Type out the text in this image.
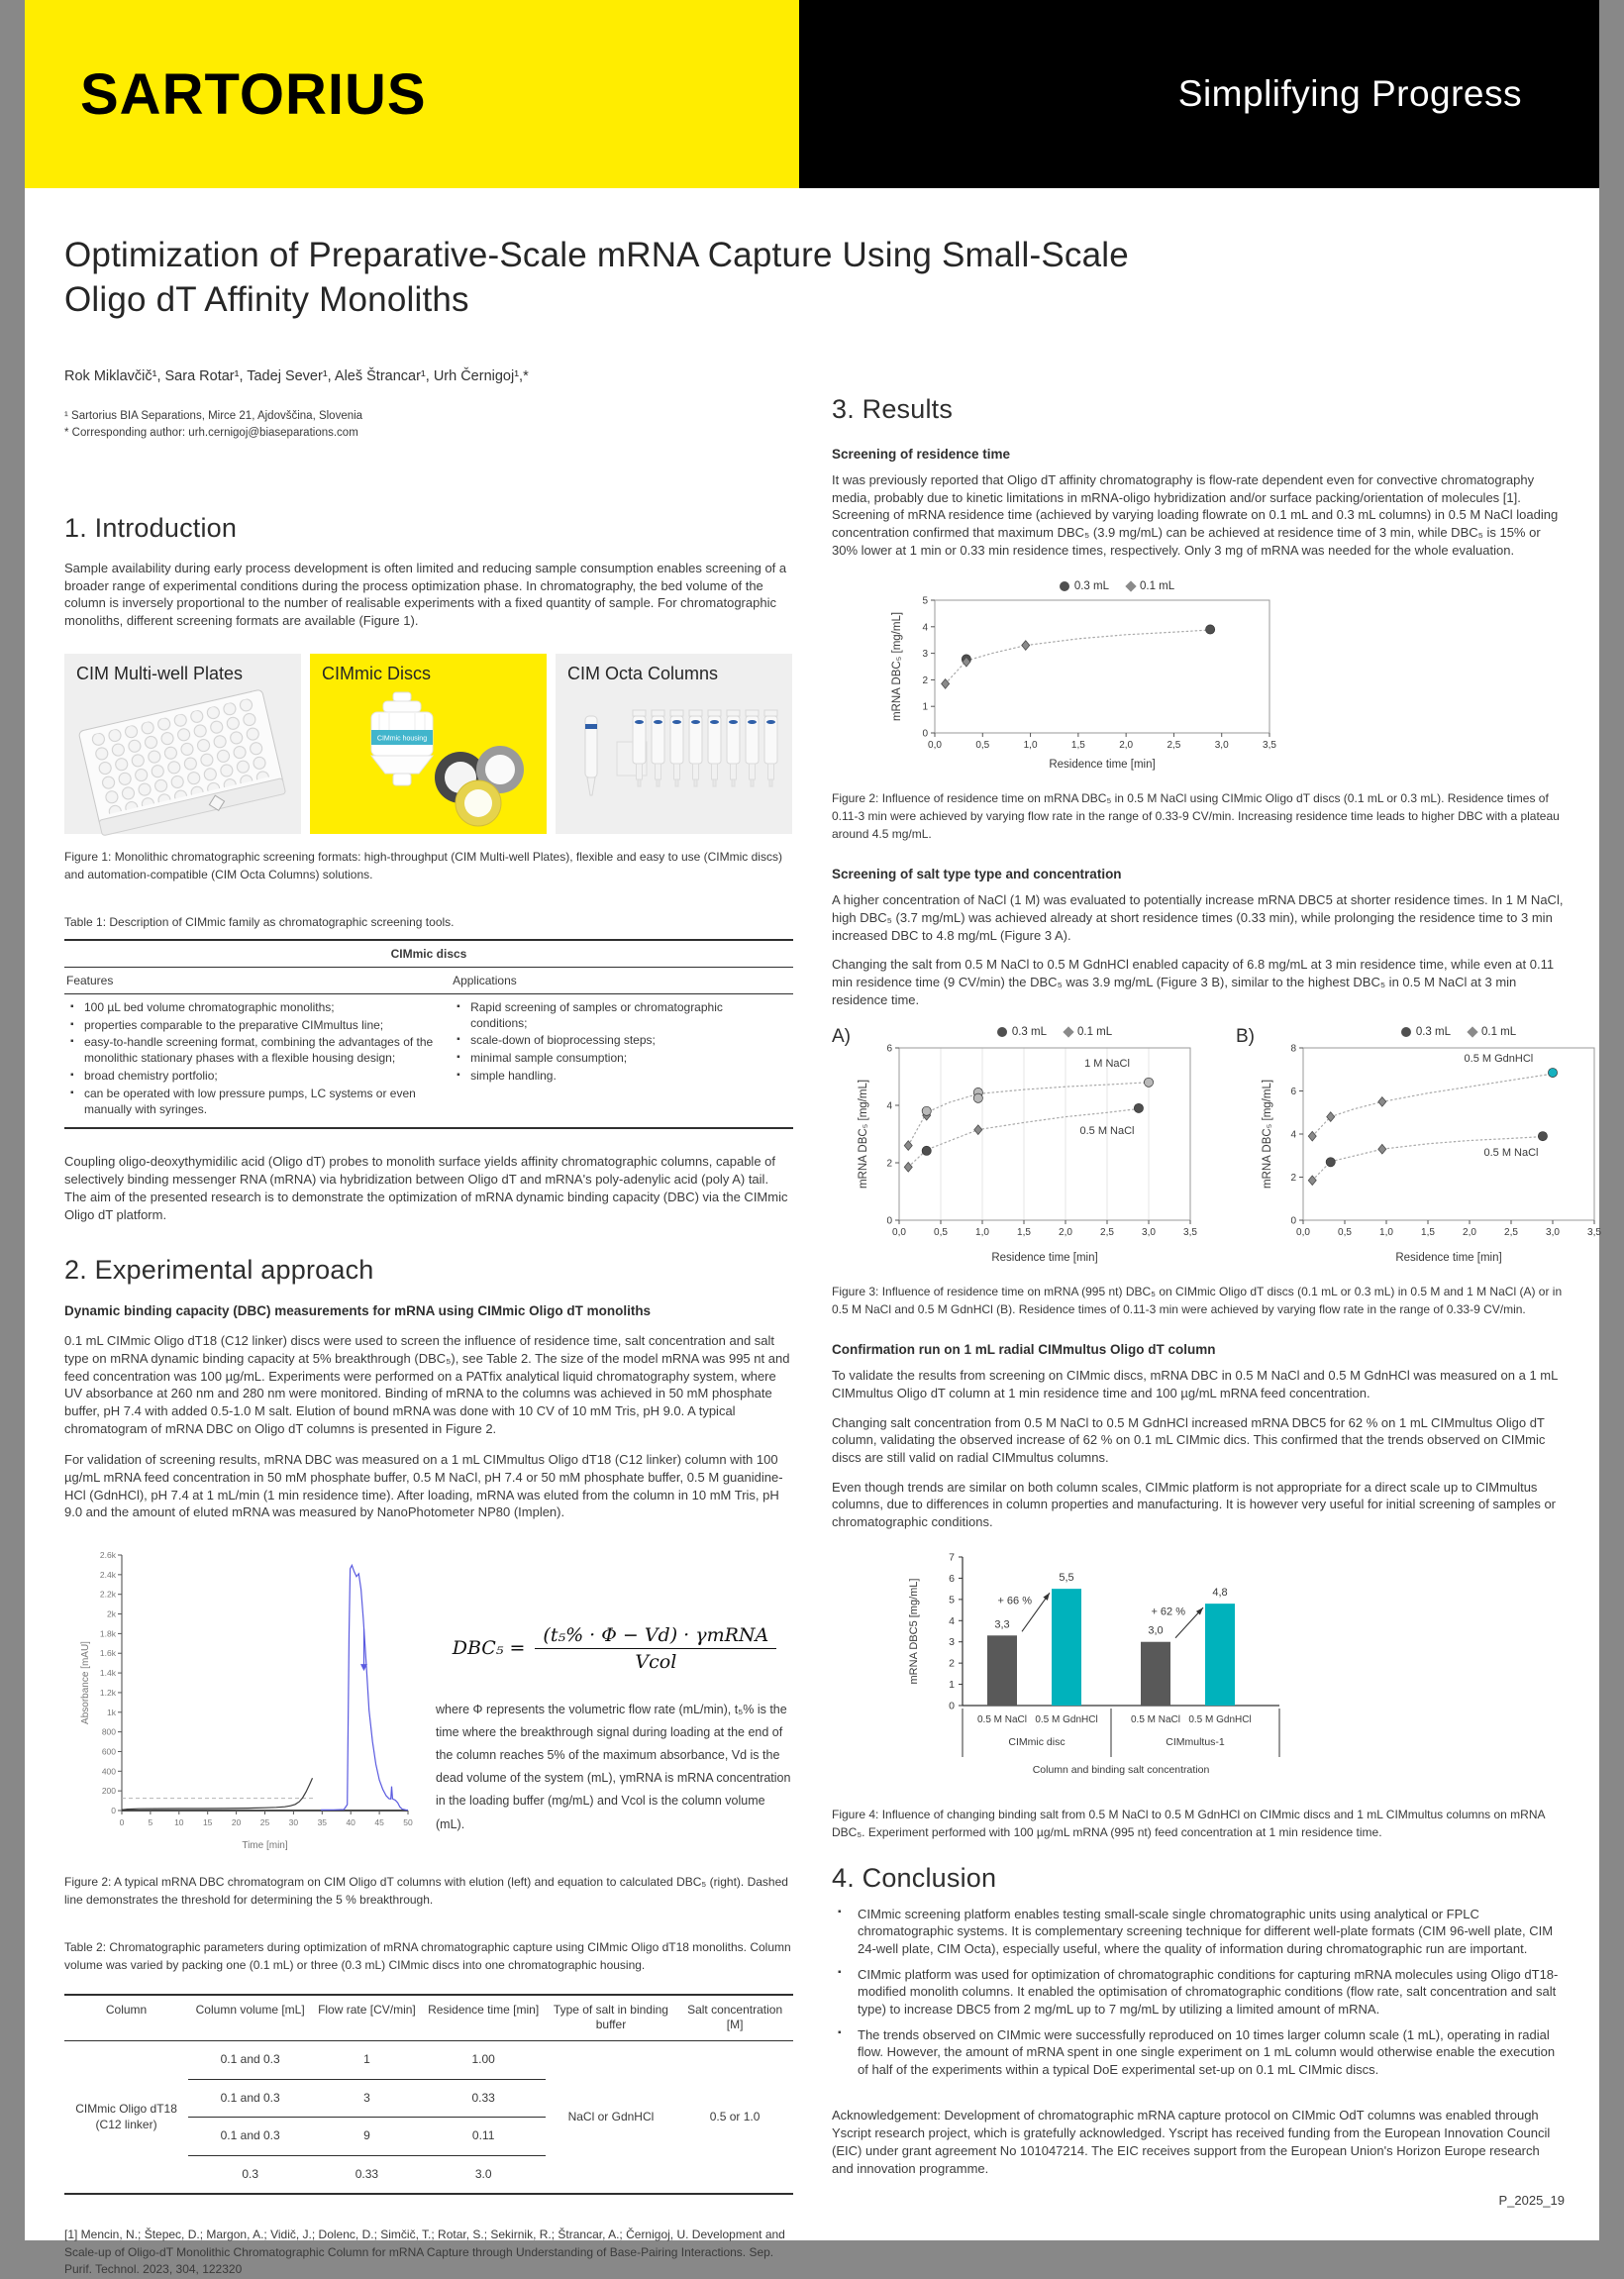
SARTORIUS	Simplifying Progress
Optimization of Preparative-Scale mRNA Capture Using Small-Scale
Oligo dT Affinity Monoliths
Rok Miklavčič¹, Sara Rotar¹, Tadej Sever¹, Aleš Štrancar¹, Urh Černigoj¹,*
¹ Sartorius BIA Separations, Mirce 21, Ajdovščina, Slovenia
* Corresponding author: urh.cernigoj@biaseparations.com
1. Introduction

Sample availability during early process development is often limited and reducing sample consumption enables screening of a broader range of experimental conditions during the process optimization phase. In chromatography, the bed volume of the column is inversely proportional to the number of realisable experiments with a fixed quantity of sample. For chromatographic monoliths, different screening formats are available (Figure 1).

CIM Multi-well Plates	CIMmic Discs
CIMmic housing
CIM Octa Columns

Figure 1: Monolithic chromatographic screening formats: high-throughput (CIM Multi-well Plates), flexible and easy to use (CIMmic discs) and automation-compatible (CIM Octa Columns) solutions.

Table 1: Description of CIMmic family as chromatographic screening tools.

CIMmic discs
Features	Applications
▪ 100 µL bed volume chromatographic monoliths;
▪ properties comparable to the preparative CIMmultus line;
▪ easy-to-handle screening format, combining the advantages of the monolithic stationary phases with a flexible housing design;
▪ broad chemistry portfolio;
▪ can be operated with low pressure pumps, LC systems or even manually with syringes.
▪ Rapid screening of samples or chromatographic conditions;
▪ scale-down of bioprocessing steps;
▪ minimal sample consumption;
▪ simple handling.

Coupling oligo-deoxythymidilic acid (Oligo dT) probes to monolith surface yields affinity chromatographic columns, capable of selectively binding messenger RNA (mRNA) via hybridization between Oligo dT and mRNA's poly-adenylic acid (poly A) tail. The aim of the presented research is to demonstrate the optimization of mRNA dynamic binding capacity (DBC) via the CIMmic Oligo dT platform.

2. Experimental approach

Dynamic binding capacity (DBC) measurements for mRNA using CIMmic Oligo dT monoliths

0.1 mL CIMmic Oligo dT18 (C12 linker) discs were used to screen the influence of residence time, salt concentration and salt type on mRNA dynamic binding capacity at 5% breakthrough (DBC₅), see Table 2. The size of the model mRNA was 995 nt and feed concentration was 100 µg/mL. Experiments were performed on a PATfix analytical liquid chromatography system, where UV absorbance at 260 nm and 280 nm were monitored. Binding of mRNA to the columns was achieved in 50 mM phosphate buffer, pH 7.4 with added 0.5-1.0 M salt. Elution of bound mRNA was done with 10 CV of 10 mM Tris, pH 9.0. A typical chromatogram of mRNA DBC on Oligo dT columns is presented in Figure 2.

For validation of screening results, mRNA DBC was measured on a 1 mL CIMmultus Oligo dT18 (C12 linker) column with 100 µg/mL mRNA feed concentration in 50 mM phosphate buffer, 0.5 M NaCl, pH 7.4 or 50 mM phosphate buffer, 0.5 M guanidine-HCl (GdnHCl), pH 7.4 at 1 mL/min (1 min residence time). After loading, mRNA was eluted from the column in 10 mM Tris, pH 9.0 and the amount of eluted mRNA was measured by NanoPhotometer NP80 (Implen).

0	5	10 15 20 25 30 35 40 45 50
0
200
400
600
800
1k
1.2k
1.4k
1.6k
1.8k
2k
2.2k
2.4k
2.6k
Time [min]
Absorbance [mAU]	$DBC_5 = \frac{\text{(t₅\% · Φ − Vd) · γmRNA}}{\text{Vcol}}$

where Φ represents the volumetric flow rate (mL/min), t₅% is the time where the breakthrough signal during loading at the end of the column reaches 5% of the maximum absorbance, Vd is the dead volume of the system (mL), γmRNA is mRNA concentration in the loading buffer (mg/mL) and Vcol is the column volume (mL).

Figure 2: A typical mRNA DBC chromatogram on CIM Oligo dT columns with elution (left) and equation to calculated DBC₅ (right). Dashed line demonstrates the threshold for determining the 5 % breakthrough.

Table 2: Chromatographic parameters during optimization of mRNA chromatographic capture using CIMmic Oligo dT18 monoliths. Column volume was varied by packing one (0.1 mL) or three (0.3 mL) CIMmic discs into one chromatographic housing.

Column	Column volume [mL]	Flow rate [CV/min]	Residence time [min]	Type of salt in binding buffer	Salt concentration [M]
CIMmic Oligo dT18 (C12 linker)	0.1 and 0.3	1	1.00	NaCl or GdnHCl	0.5 or 1.0
	0.1 and 0.3	3	0.33		
	0.1 and 0.3	9	0.11		
	0.3	0.33	3.0		

[1] Mencin, N.; Štepec, D.; Margon, A.; Vidič, J.; Dolenc, D.; Simčič, T.; Rotar, S.; Sekirnik, R.; Štrancar, A.; Černigoj, U. Development and Scale-up of Oligo-dT Monolithic Chromatographic Column for mRNA Capture through Understanding of Base-Pairing Interactions. Sep. Purif. Technol. 2023, 304, 122320

3. Results

Screening of residence time

It was previously reported that Oligo dT affinity chromatography is flow-rate dependent even for convective chromatography media, probably due to kinetic limitations in mRNA-oligo hybridization and/or surface packing/orientation of molecules [1]. Screening of mRNA residence time (achieved by varying loading flowrate on 0.1 mL and 0.3 mL columns) in 0.5 M NaCl loading concentration confirmed that maximum DBC₅ (3.9 mg/mL) can be achieved at residence time of 3 min, while DBC₅ is 15% or 30% lower at 1 min or 0.33 min residence times, respectively. Only 3 mg of mRNA was needed for the whole evaluation.

0.3 mL	0.1 mL
0,0	0,5	1,0	1,5	2,0	2,5	3,0	3,5
0
1
2
3
4
5
Residence time [min]
mRNA DBC₅ [mg/mL]

Figure 2: Influence of residence time on mRNA DBC₅ in 0.5 M NaCl using CIMmic Oligo dT discs (0.1 mL or 0.3 mL). Residence times of 0.11-3 min were achieved by varying flow rate in the range of 0.33-9 CV/min. Increasing residence time leads to higher DBC with a plateau around 4.5 mg/mL.

Screening of salt type type and concentration

A higher concentration of NaCl (1 M) was evaluated to potentially increase mRNA DBC5 at shorter residence times. In 1 M NaCl, high DBC₅ (3.7 mg/mL) was achieved already at short residence times (0.33 min), while prolonging the residence time to 3 min increased DBC to 4.8 mg/mL (Figure 3 A).

Changing the salt from 0.5 M NaCl to 0.5 M GdnHCl enabled capacity of 6.8 mg/mL at 3 min residence time, while even at 0.11 min residence time (9 CV/min) the DBC₅ was 3.9 mg/mL (Figure 3 B), similar to the highest DBC₅ in 0.5 M NaCl at 3 min residence time.

A)	0.3 mL	0.1 mL
0,0	0,5	1,0	1,5	2,0	2,5	3,0	3,5
0
2
4
6
1 M NaCl
0.5 M NaCl
Residence time [min]
mRNA DBC₅ [mg/mL]
B)	0.3 mL	0.1 mL
0,0	0,5	1,0	1,5	2,0	2,5	3,0	3,5
0
2
4
6
8
0.5 M GdnHCl
0.5 M NaCl
Residence time [min]
mRNA DBC₅ [mg/mL]

Figure 3: Influence of residence time on mRNA (995 nt) DBC₅ on CIMmic Oligo dT discs (0.1 mL or 0.3 mL) in 0.5 M and 1 M NaCl (A) or in 0.5 M NaCl and 0.5 M GdnHCl (B). Residence times of 0.11-3 min were achieved by varying flow rate in the range of 0.33-9 CV/min.

Confirmation run on 1 mL radial CIMmultus Oligo dT column

To validate the results from screening on CIMmic discs, mRNA DBC in 0.5 M NaCl and 0.5 M GdnHCl was measured on a 1 mL CIMmultus Oligo dT column at 1 min residence time and 100 µg/mL mRNA feed concentration.

Changing salt concentration from 0.5 M NaCl to 0.5 M GdnHCl increased mRNA DBC5 for 62 % on 1 mL CIMmultus Oligo dT column, validating the observed increase of 62 % on 0.1 mL CIMmic dics. This confirmed that the trends observed on CIMmic discs are still valid on radial CIMmultus columns.

Even though trends are similar on both column scales, CIMmic platform is not appropriate for a direct scale up to CIMmultus columns, due to differences in column properties and manufacturing. It is however very useful for initial screening of samples or chromatographic conditions.

0
1
2
3
4
5
6
7
3,3
0.5 M NaCl
5,5
0.5 M GdnHCl
3,0
0.5 M NaCl
4,8
0.5 M GdnHCl
CIMmic disc	CIMmultus-1
Column and binding salt concentration
mRNA DBC5 [mg/mL]	+ 66 %
+ 62 %

Figure 4: Influence of changing binding salt from 0.5 M NaCl to 0.5 M GdnHCl on CIMmic discs and 1 mL CIMmultus columns on mRNA DBC₅. Experiment performed with 100 µg/mL mRNA (995 nt) feed concentration at 1 min residence time.

4. Conclusion
▪ CIMmic screening platform enables testing small-scale single chromatographic units using analytical or FPLC chromatographic systems. It is complementary screening technique for different well-plate formats (CIM 96-well plate, CIM 24-well plate, CIM Octa), especially useful, where the quality of information during chromatographic run are important.
▪ CIMmic platform was used for optimization of chromatographic conditions for capturing mRNA molecules using Oligo dT18-modified monolith columns. It enabled the optimisation of chromatographic conditions (flow rate, salt concentration and salt type) to increase DBC5 from 2 mg/mL up to 7 mg/mL by utilizing a limited amount of mRNA.
▪ The trends observed on CIMmic were successfully reproduced on 10 times larger column scale (1 mL), operating in radial flow. However, the amount of mRNA spent in one single experiment on 1 mL column would otherwise enable the execution of half of the experiments within a typical DoE experimental set-up on 0.1 mL CIMmic discs.

Acknowledgement: Development of chromatographic mRNA capture protocol on CIMmic OdT columns was enabled through Yscript research project, which is gratefully acknowledged. Yscript has received funding from the European Innovation Council (EIC) under grant agreement No 101047214. The EIC receives support from the European Union's Horizon Europe research and innovation programme.

P_2025_19
